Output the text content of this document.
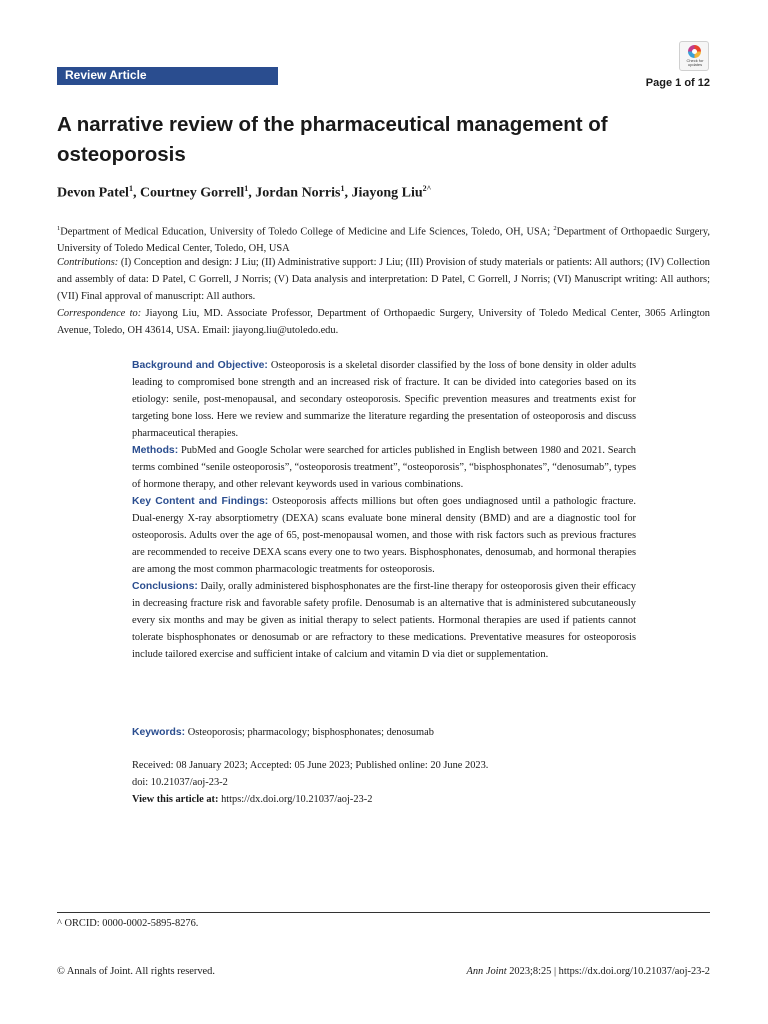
Review Article
Check for updates
Page 1 of 12
A narrative review of the pharmaceutical management of osteoporosis
Devon Patel$^1$, Courtney Gorrell$^1$, Jordan Norris$^1$, Jiayong Liu$^{2\^{}}$
$^1$Department of Medical Education, University of Toledo College of Medicine and Life Sciences, Toledo, OH, USA; $^2$Department of Orthopaedic Surgery, University of Toledo Medical Center, Toledo, OH, USA
Contributions: (I) Conception and design: J Liu; (II) Administrative support: J Liu; (III) Provision of study materials or patients: All authors; (IV) Collection and assembly of data: D Patel, C Gorrell, J Norris; (V) Data analysis and interpretation: D Patel, C Gorrell, J Norris; (VI) Manuscript writing: All authors; (VII) Final approval of manuscript: All authors.
Correspondence to: Jiayong Liu, MD. Associate Professor, Department of Orthopaedic Surgery, University of Toledo Medical Center, 3065 Arlington Avenue, Toledo, OH 43614, USA. Email: jiayong.liu@utoledo.edu.

Background and Objective: Osteoporosis is a skeletal disorder classified by the loss of bone density in older adults leading to compromised bone strength and an increased risk of fracture. It can be divided into categories based on its etiology: senile, post-menopausal, and secondary osteoporosis. Specific prevention measures and treatments exist for targeting bone loss. Here we review and summarize the literature regarding the presentation of osteoporosis and discuss pharmaceutical therapies.

Methods: PubMed and Google Scholar were searched for articles published in English between 1980 and 2021. Search terms combined “senile osteoporosis”, “osteoporosis treatment”, “osteoporosis”, “bisphosphonates”, “denosumab”, types of hormone therapy, and other relevant keywords used in various combinations.

Key Content and Findings: Osteoporosis affects millions but often goes undiagnosed until a pathologic fracture. Dual-energy X-ray absorptiometry (DEXA) scans evaluate bone mineral density (BMD) and are a diagnostic tool for osteoporosis. Adults over the age of 65, post-menopausal women, and those with risk factors such as previous fractures are recommended to receive DEXA scans every one to two years. Bisphosphonates, denosumab, and hormonal therapies are among the most common pharmacologic treatments for osteoporosis.

Conclusions: Daily, orally administered bisphosphonates are the first-line therapy for osteoporosis given their efficacy in decreasing fracture risk and favorable safety profile. Denosumab is an alternative that is administered subcutaneously every six months and may be given as initial therapy to select patients. Hormonal therapies are used if patients cannot tolerate bisphosphonates or denosumab or are refractory to these medications. Preventative measures for osteoporosis include tailored exercise and sufficient intake of calcium and vitamin D via diet or supplementation.

Keywords: Osteoporosis; pharmacology; bisphosphonates; denosumab
Received: 08 January 2023; Accepted: 05 June 2023; Published online: 20 June 2023.
doi: 10.21037/aoj-23-2
View this article at: https://dx.doi.org/10.21037/aoj-23-2
^ ORCID: 0000-0002-5895-8276.
© Annals of Joint. All rights reserved.	Ann Joint 2023;8:25 | https://dx.doi.org/10.21037/aoj-23-2
